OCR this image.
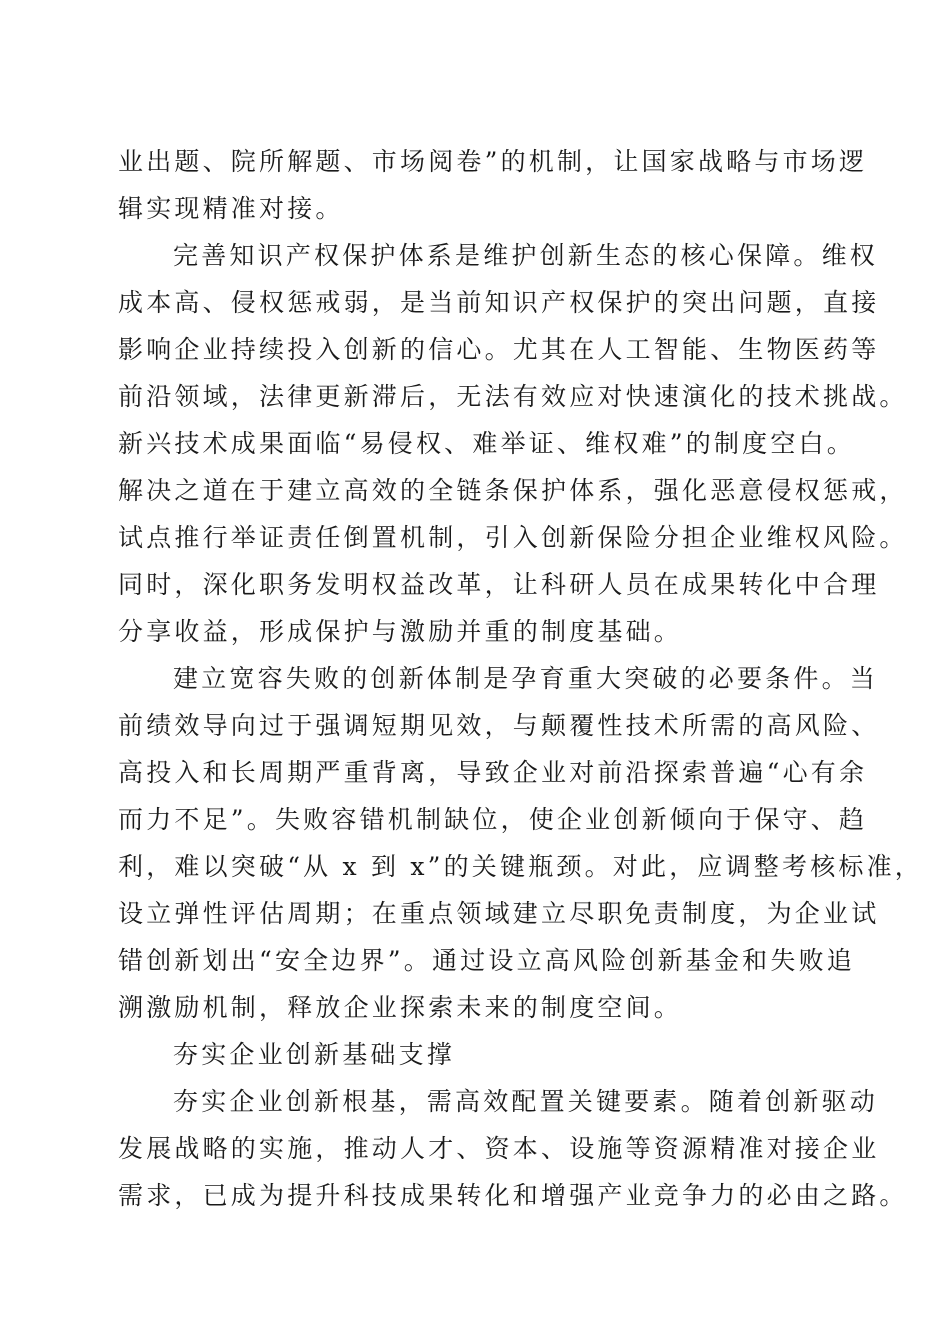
业出题、院所解题、市场阅卷”的机制，让国家战略与市场逻
辑实现精准对接。
完善知识产权保护体系是维护创新生态的核心保障。维权
成本高、侵权惩戒弱，是当前知识产权保护的突出问题，直接
影响企业持续投入创新的信心。尤其在人工智能、生物医药等
前沿领域，法律更新滞后，无法有效应对快速演化的技术挑战。
新兴技术成果面临“易侵权、难举证、维权难”的制度空白。
解决之道在于建立高效的全链条保护体系，强化恶意侵权惩戒，
试点推行举证责任倒置机制，引入创新保险分担企业维权风险。
同时，深化职务发明权益改革，让科研人员在成果转化中合理
分享收益，形成保护与激励并重的制度基础。
建立宽容失败的创新体制是孕育重大突破的必要条件。当
前绩效导向过于强调短期见效，与颠覆性技术所需的高风险、
高投入和长周期严重背离，导致企业对前沿探索普遍“心有余
而力不足”。失败容错机制缺位，使企业创新倾向于保守、趋
利，难以突破“从 x 到 x”的关键瓶颈。对此，应调整考核标准，
设立弹性评估周期；在重点领域建立尽职免责制度，为企业试
错创新划出“安全边界”。通过设立高风险创新基金和失败追
溯激励机制，释放企业探索未来的制度空间。
夯实企业创新基础支撑
夯实企业创新根基，需高效配置关键要素。随着创新驱动
发展战略的实施，推动人才、资本、设施等资源精准对接企业
需求，已成为提升科技成果转化和增强产业竞争力的必由之路。
